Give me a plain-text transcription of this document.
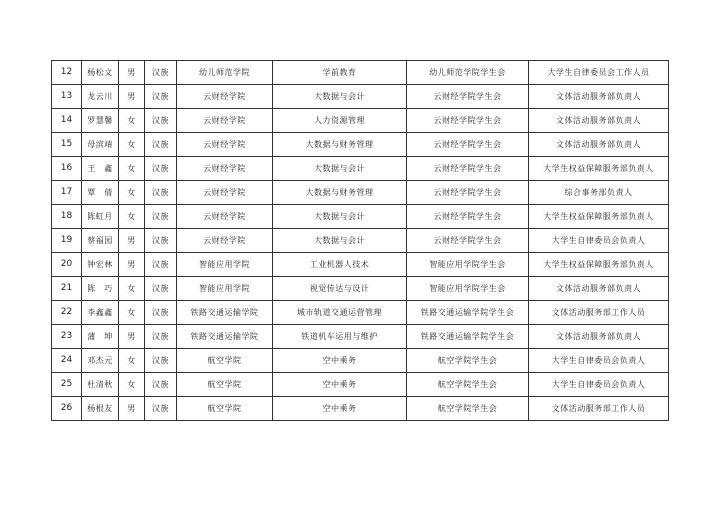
12	杨松文	男	汉族	幼儿师范学院	学前教育	幼儿师范学院学生会	大学生自律委员会工作人员
13	龙云川	男	汉族	云财经学院	大数据与会计	云财经学院学生会	文体活动服务部负责人
14	罗慧馨	女	汉族	云财经学院	人力资源管理	云财经学院学生会	文体活动服务部负责人
15	母滨靖	女	汉族	云财经学院	大数据与财务管理	云财经学院学生会	文体活动服务部负责人
16	王　鑫	女	汉族	云财经学院	大数据与会计	云财经学院学生会	大学生权益保障服务部负责人
17	覃　倩	女	汉族	云财经学院	大数据与财务管理	云财经学院学生会	综合事务部负责人
18	陈虹月	女	汉族	云财经学院	大数据与会计	云财经学院学生会	大学生权益保障服务部负责人
19	蔡福园	男	汉族	云财经学院	大数据与会计	云财经学院学生会	大学生自律委员会负责人
20	钟宏林	男	汉族	智能应用学院	工业机器人技术	智能应用学院学生会	大学生权益保障服务部负责人
21	陈　巧	女	汉族	智能应用学院	视觉传达与设计	智能应用学院学生会	文体活动服务部负责人
22	李鑫鑫	女	汉族	铁路交通运输学院	城市轨道交通运营管理	铁路交通运输学院学生会	文体活动服务部工作人员
23	蒲　坤	男	汉族	铁路交通运输学院	铁道机车运用与维护	铁路交通运输学院学生会	文体活动服务部负责人
24	邓杰元	女	汉族	航空学院	空中乘务	航空学院学生会	大学生自律委员会负责人
25	杜清秋	女	汉族	航空学院	空中乘务	航空学院学生会	大学生自律委员会负责人
26	杨根友	男	汉族	航空学院	空中乘务	航空学院学生会	文体活动服务部工作人员
